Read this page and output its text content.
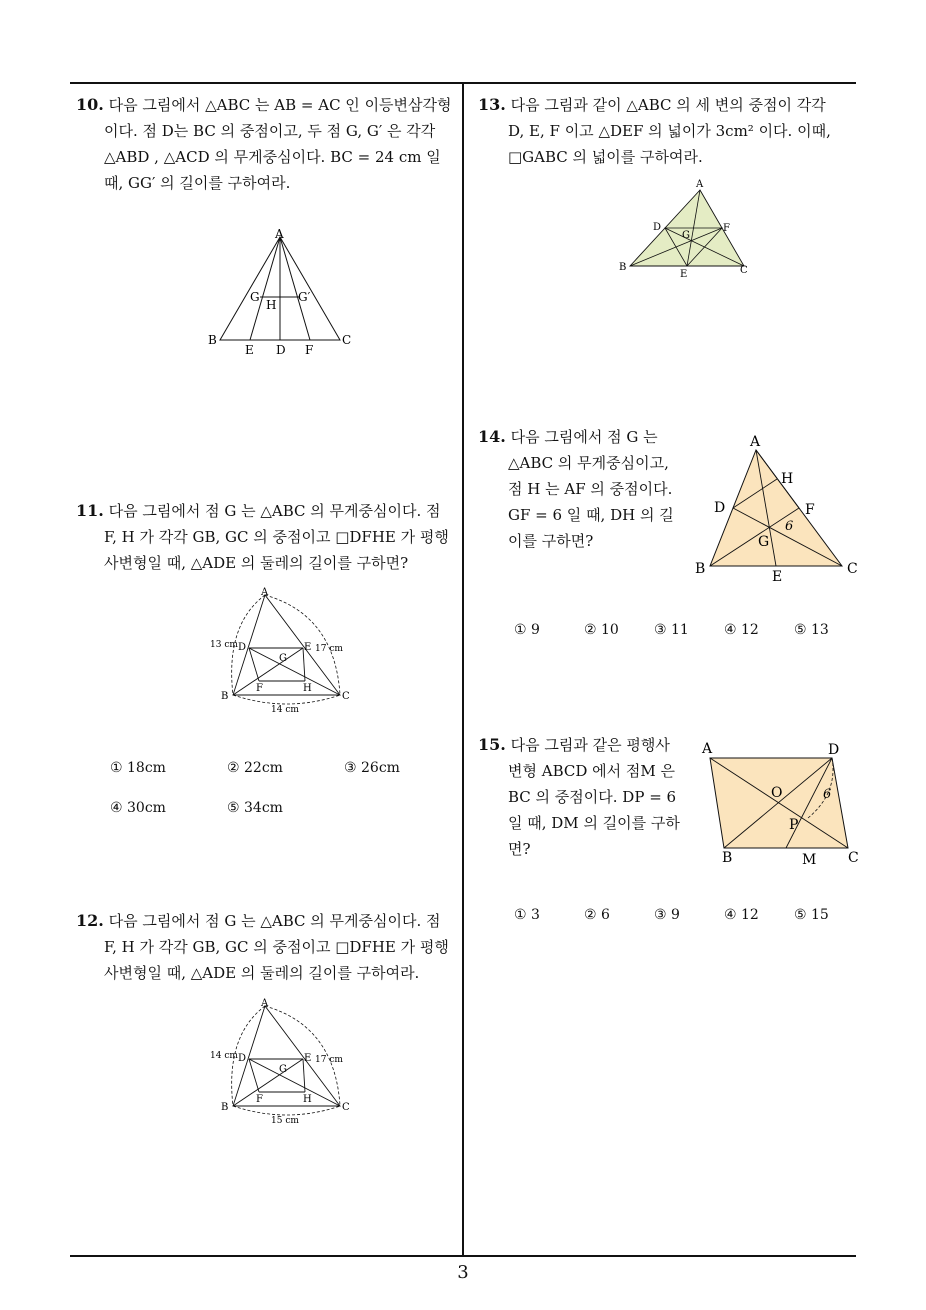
10. 다음 그림에서 △ABC 는 AB = AC 인 이등변삼각형
이다. 점 D는 BC 의 중점이고, 두 점 G, G′ 은 각각
△ABD , △ACD 의 무게중심이다. BC = 24 cm 일
때, GG′ 의 길이를 구하여라.
A
B	C
D
E	F
G	G′
H
11. 다음 그림에서 점 G 는 △ABC 의 무게중심이다. 점
F, H 가 각각 GB, GC 의 중점이고 □DFHE 가 평행
사변형일 때, △ADE 의 둘레의 길이를 구하면?
A
B	C
D	E
F
G
H
13 cm	17 cm
14 cm
① 18cm	② 22cm	③ 26cm
④ 30cm	⑤ 34cm
12. 다음 그림에서 점 G 는 △ABC 의 무게중심이다. 점
F, H 가 각각 GB, GC 의 중점이고 □DFHE 가 평행
사변형일 때, △ADE 의 둘레의 길이를 구하여라.
A
B	C
D	E
F
G
H
14 cm	17 cm
15 cm
13. 다음 그림과 같이 △ABC 의 세 변의 중점이 각각
D, E, F 이고 △DEF 의 넓이가 3cm² 이다. 이때,
□GABC 의 넓이를 구하여라.
A
B	C
D
E
F
G
14. 다음 그림에서 점 G 는
△ABC 의 무게중심이고,
점 H 는 AF 의 중점이다.
GF = 6 일 때, DH 의 길
이를 구하면?
A
B	C
D
E
F
G
H
6
① 9	② 10	③ 11	④ 12	⑤ 13
15. 다음 그림과 같은 평행사
변형 ABCD 에서 점M 은
BC 의 중점이다. DP = 6
일 때, DM 의 길이를 구하
면?
A	D
B	C
M
O
P
6
① 3	② 6	③ 9	④ 12	⑤ 15
3
